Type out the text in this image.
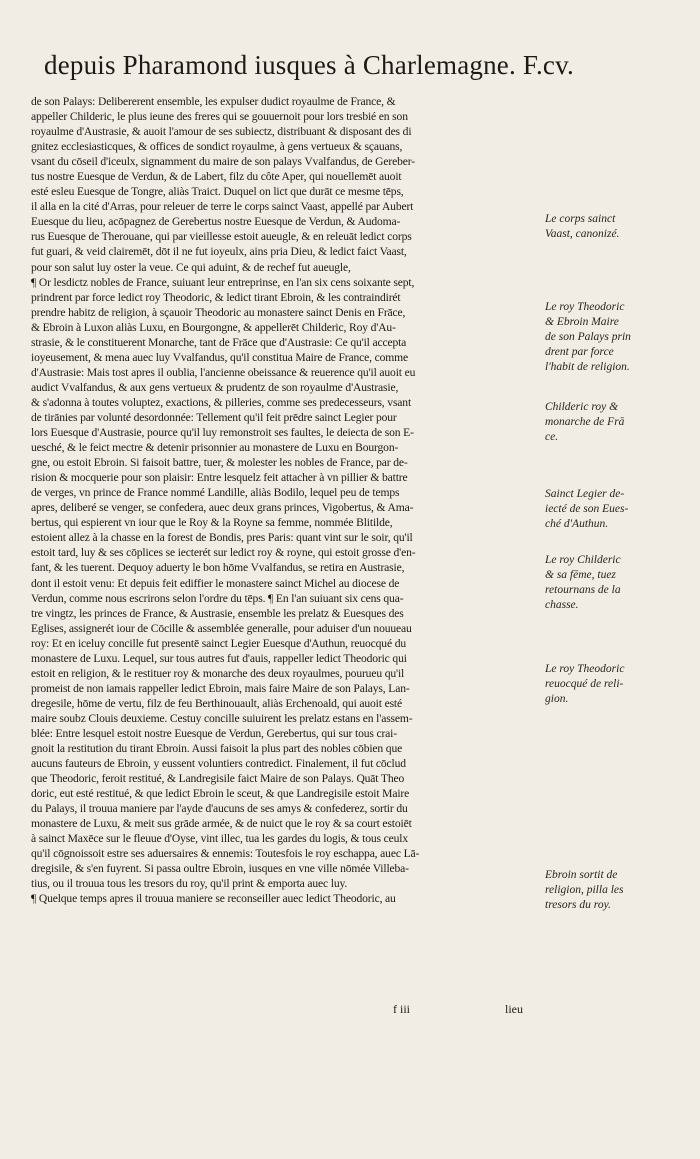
depuis Pharamond iusques à Charlemagne. F.cv.
de son Palays: Delibererent ensemble, les expulser dudict royaulme de France, &
appeller Childeric, le plus ieune des freres qui se gouuernoit pour lors tresbié en son
royaulme d'Austrasie, & auoit l'amour de ses subiectz, distribuant & disposant des di
gnitez ecclesiasticques, & offices de sondict royaulme, à gens vertueux & sçauans,
vsant du cōseil d'iceulx, signamment du maire de son palays Vvalfandus, de Gereber-
tus nostre Euesque de Verdun, & de Labert, filz du côte Aper, qui nouellemēt auoit
esté esleu Euesque de Tongre, aliàs Traict. Duquel on lict que durāt ce mesme tēps,
il alla en la cité d'Arras, pour releuer de terre le corps sainct Vaast, appellé par Aubert
Euesque du lieu, acōpagnez de Gerebertus nostre Euesque de Verdun, & Audoma-
rus Euesque de Therouane, qui par vieillesse estoit aueugle, & en releuāt ledict corps
fut guari, & veid clairemēt, dōt il ne fut ioyeulx, ains pria Dieu, & ledict faict Vaast,
pour son salut luy oster la veue. Ce qui aduint, & de rechef fut aueugle,
¶ Or lesdictz nobles de France, suiuant leur entreprinse, en l'an six cens soixante sept,
prindrent par force ledict roy Theodoric, & ledict tirant Ebroin, & les contraindirét
prendre habitz de religion, à sçauoir Theodoric au monastere sainct Denis en Frāce,
& Ebroin à Luxon aliàs Luxu, en Bourgongne, & appellerēt Childeric, Roy d'Au-
strasie, & le constituerent Monarche, tant de Frāce que d'Austrasie: Ce qu'il accepta
ioyeusement, & mena auec luy Vvalfandus, qu'il constitua Maire de France, comme
d'Austrasie: Mais tost apres il oublia, l'ancienne obeissance & reuerence qu'il auoit eu
audict Vvalfandus, & aux gens vertueux & prudentz de son royaulme d'Austrasie,
& s'adonna à toutes voluptez, exactions, & pilleries, comme ses predecesseurs, vsant
de tirānies par volunté desordonnée: Tellement qu'il feit prēdre sainct Legier pour
lors Euesque d'Austrasie, pource qu'il luy remonstroit ses faultes, le deiecta de son E-
uesché, & le feict mectre & detenir prisonnier au monastere de Luxu en Bourgon-
gne, ou estoit Ebroin. Si faisoit battre, tuer, & molester les nobles de France, par de-
rision & mocquerie pour son plaisir: Entre lesquelz feit attacher à vn pillier & battre
de verges, vn prince de France nommé Landille, aliàs Bodilo, lequel peu de temps
apres, deliberé se venger, se confedera, auec deux grans princes, Vigobertus, & Ama-
bertus, qui espierent vn iour que le Roy & la Royne sa femme, nommée Blitilde,
estoient allez à la chasse en la forest de Bondis, pres Paris: quant vint sur le soir, qu'il
estoit tard, luy & ses cōplices se iecterét sur ledict roy & royne, qui estoit grosse d'en-
fant, & les tuerent. Dequoy aduerty le bon hōme Vvalfandus, se retira en Austrasie,
dont il estoit venu: Et depuis feit ediffier le monastere sainct Michel au diocese de
Verdun, comme nous escrirons selon l'ordre du tēps. ¶ En l'an suiuant six cens qua-
tre vingtz, les princes de France, & Austrasie, ensemble les prelatz & Euesques des
Eglises, assignerét iour de Cōcille & assemblée generalle, pour aduiser d'un nouueau
roy: Et en iceluy concille fut presentē sainct Legier Euesque d'Authun, reuocqué du
monastere de Luxu. Lequel, sur tous autres fut d'auis, rappeller ledict Theodoric qui
estoit en religion, & le restituer roy & monarche des deux royaulmes, pourueu qu'il
promeist de non iamais rappeller ledict Ebroin, mais faire Maire de son Palays, Lan-
dregesile, hōme de vertu, filz de feu Berthinouault, aliàs Erchenoald, qui auoit esté
maire soubz Clouis deuxieme. Cestuy concille suiuirent les prelatz estans en l'assem-
blée: Entre lesquel estoit nostre Euesque de Verdun, Gerebertus, qui sur tous crai-
gnoit la restitution du tirant Ebroin. Aussi faisoit la plus part des nobles cōbien que
aucuns fauteurs de Ebroin, y eussent voluntiers contredict. Finalement, il fut cōclud
que Theodoric, feroit restitué, & Landregisile faict Maire de son Palays. Quāt Theo
doric, eut esté restitué, & que ledict Ebroin le sceut, & que Landregisile estoit Maire
du Palays, il trouua maniere par l'ayde d'aucuns de ses amys & confederez, sortir du
monastere de Luxu, & meit sus grāde armée, & de nuict que le roy & sa court estoiēt
à sainct Maxēce sur le fleuue d'Oyse, vint illec, tua les gardes du logis, & tous ceulx
qu'il cōgnoissoit estre ses aduersaires & ennemis: Toutesfois le roy eschappa, auec Lā-
dregisile, & s'en fuyrent. Si passa oultre Ebroin, iusques en vne ville nōmée Villeba-
tius, ou il trouua tous les tresors du roy, qu'il print & emporta auec luy.
¶ Quelque temps apres il trouua maniere se reconseiller auec ledict Theodoric, au
Le corps sainct
Vaast, canonizé.
Le roy Theodoric
& Ebroin Maire
de son Palays prin
drent par force
l'habit de religion.
Childeric roy &
monarche de Frā
ce.
Sainct Legier de-
iecté de son Eues-
ché d'Authun.
Le roy Childeric
& sa fēme, tuez
retournans de la
chasse.
Le roy Theodoric
reuocqué de reli-
gion.
Ebroin sortit de
religion, pilla les
tresors du roy.
f iii	lieu
